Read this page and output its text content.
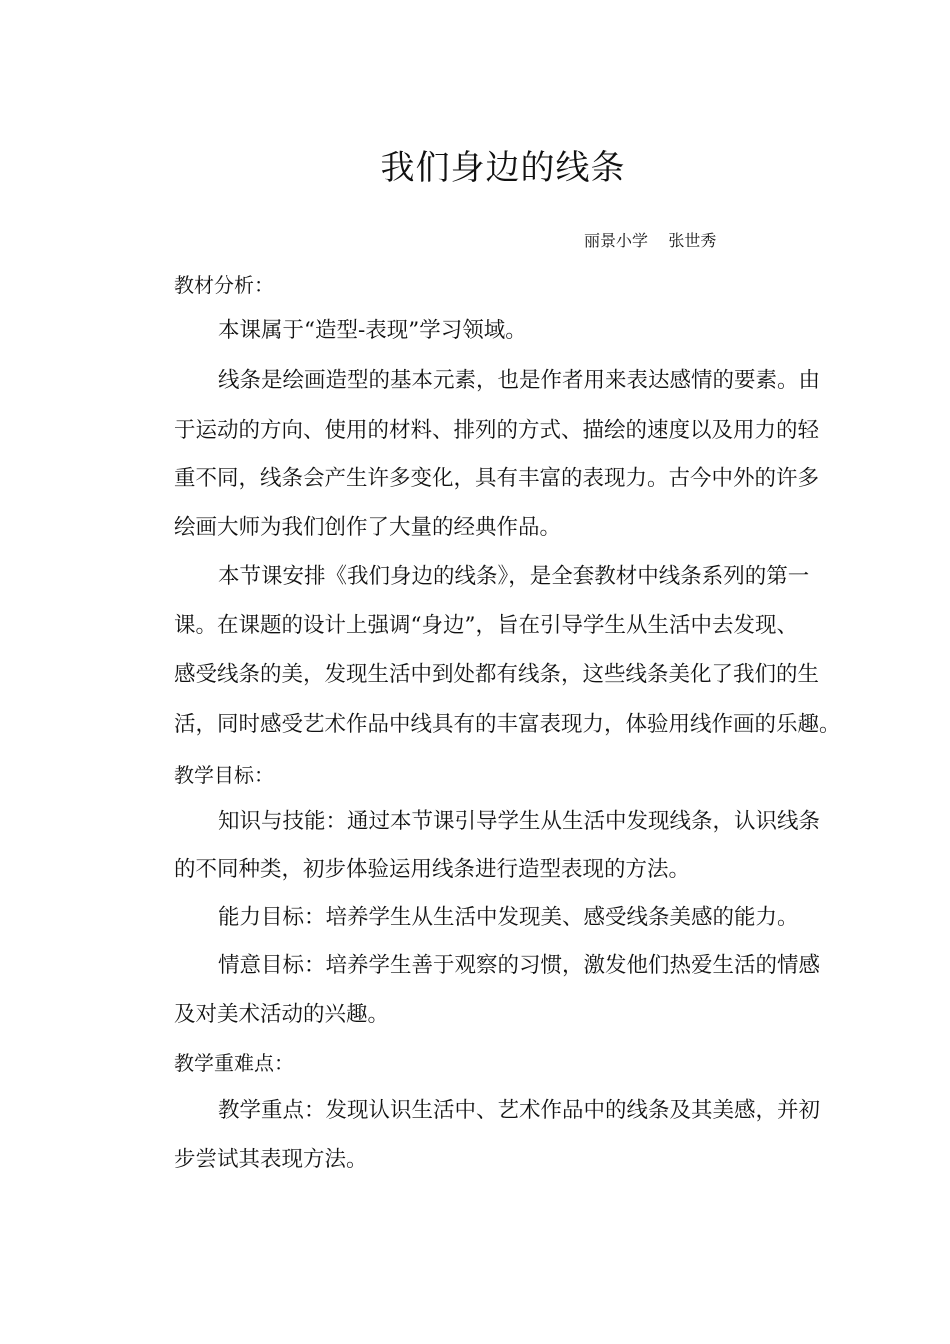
我们身边的线条
丽景小学    张世秀
教材分析：
本课属于“造型-表现”学习领域。
线条是绘画造型的基本元素，也是作者用来表达感情的要素。由
于运动的方向、使用的材料、排列的方式、描绘的速度以及用力的轻
重不同，线条会产生许多变化，具有丰富的表现力。古今中外的许多
绘画大师为我们创作了大量的经典作品。
本节课安排《我们身边的线条》，是全套教材中线条系列的第一
课。在课题的设计上强调“身边”，旨在引导学生从生活中去发现、
感受线条的美，发现生活中到处都有线条，这些线条美化了我们的生
活，同时感受艺术作品中线具有的丰富表现力，体验用线作画的乐趣。
教学目标：
知识与技能：通过本节课引导学生从生活中发现线条，认识线条
的不同种类，初步体验运用线条进行造型表现的方法。
能力目标：培养学生从生活中发现美、感受线条美感的能力。
情意目标：培养学生善于观察的习惯，激发他们热爱生活的情感
及对美术活动的兴趣。
教学重难点：
教学重点：发现认识生活中、艺术作品中的线条及其美感，并初
步尝试其表现方法。
